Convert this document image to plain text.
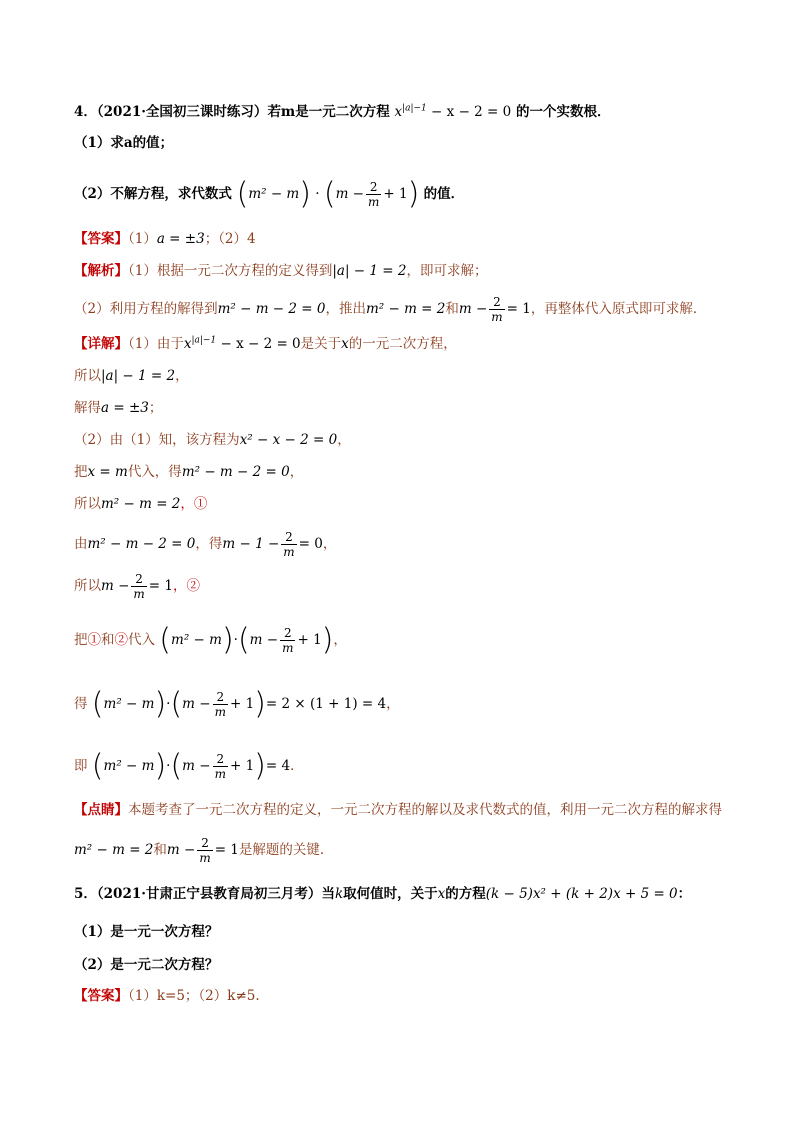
4．（2021·全国初三课时练习）若m是一元二次方程 $x^{|a|-1} - x - 2 = 0$ 的一个实数根．
（1）求a的值；
（2）不解方程，求代数式 $(m^2 - m) \cdot (m - \frac{2}{m} + 1)$ 的值．
【答案】（1）a = ±3；（2）4
【解析】（1）根据一元二次方程的定义得到|a| − 1 = 2，即可求解；
（2）利用方程的解得到m² − m − 2 = 0，推出m² − m = 2和$m - \frac{2}{m} = 1$，再整体代入原式即可求解．
【详解】（1）由于$x^{|a|-1} - x - 2 = 0$是关于x的一元二次方程，
所以|a| − 1 = 2，
解得a = ±3；
（2）由（1）知，该方程为x² − x − 2 = 0，
把x = m代入，得m² − m − 2 = 0，
所以m² − m = 2，①
由m² − m − 2 = 0，得$m - 1 - \frac{2}{m} = 0$，
所以$m - \frac{2}{m} = 1$，②
把①和②代入 $(m^2 - m)\cdot(m - \frac{2}{m} + 1)$，
得 $(m^2 - m)\cdot(m - \frac{2}{m} + 1)= 2 \times (1 + 1) = 4$，
即 $(m^2 - m)\cdot(m - \frac{2}{m} + 1)= 4$．
【点睛】本题考查了一元二次方程的定义，一元二次方程的解以及求代数式的值，利用一元二次方程的解求得
m² − m = 2和$m - \frac{2}{m} = 1$是解题的关键．
5．（2021·甘肃正宁县教育局初三月考）当k取何值时，关于x的方程(k − 5)x² + (k + 2)x + 5 = 0：
（1）是一元一次方程？
（2）是一元二次方程？
【答案】（1）k=5；（2）k≠5.
